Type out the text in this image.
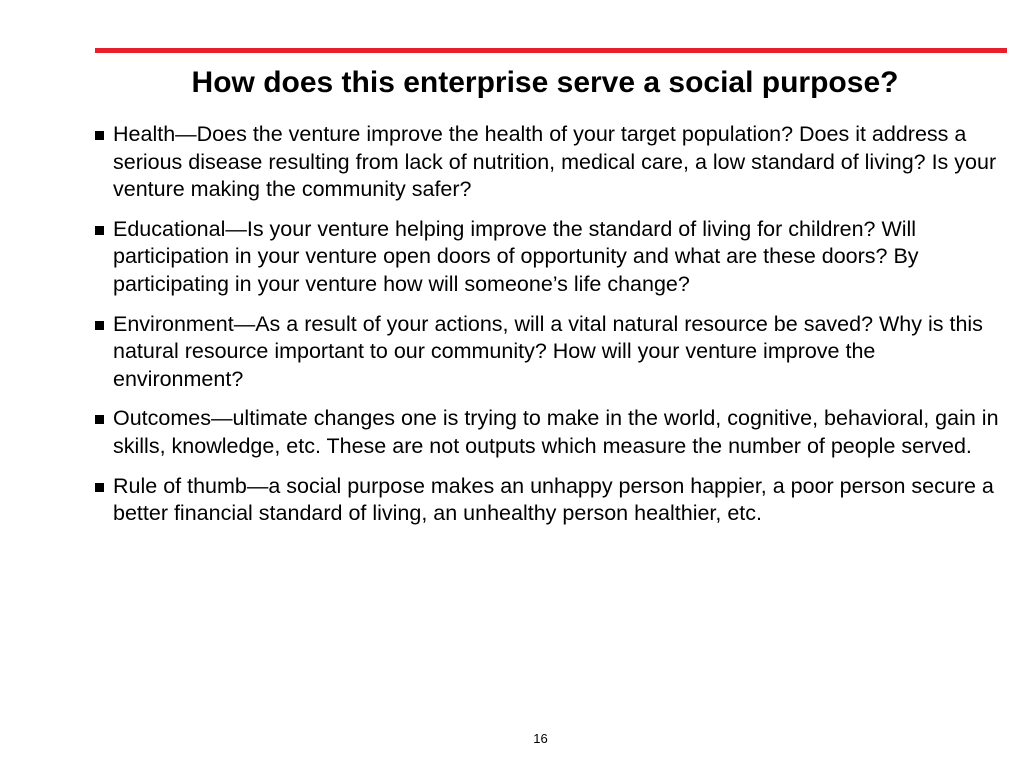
How does this enterprise serve a social purpose?
Health—Does the venture improve the health of your target population? Does it address a serious disease resulting from lack of nutrition, medical care, a low standard of living? Is your venture making the community safer?
Educational—Is your venture helping improve the standard of living for children? Will participation in your venture open doors of opportunity and what are these doors? By participating in your venture how will someone’s life change?
Environment—As a result of your actions, will a vital natural resource be saved? Why is this natural resource important to our community? How will your venture improve the environment?
Outcomes—ultimate changes one is trying to make in the world, cognitive, behavioral, gain in skills, knowledge, etc. These are not outputs which measure the number of people served.
Rule of thumb—a social purpose makes an unhappy person happier, a poor person secure a better financial standard of living, an unhealthy person healthier, etc.
16
